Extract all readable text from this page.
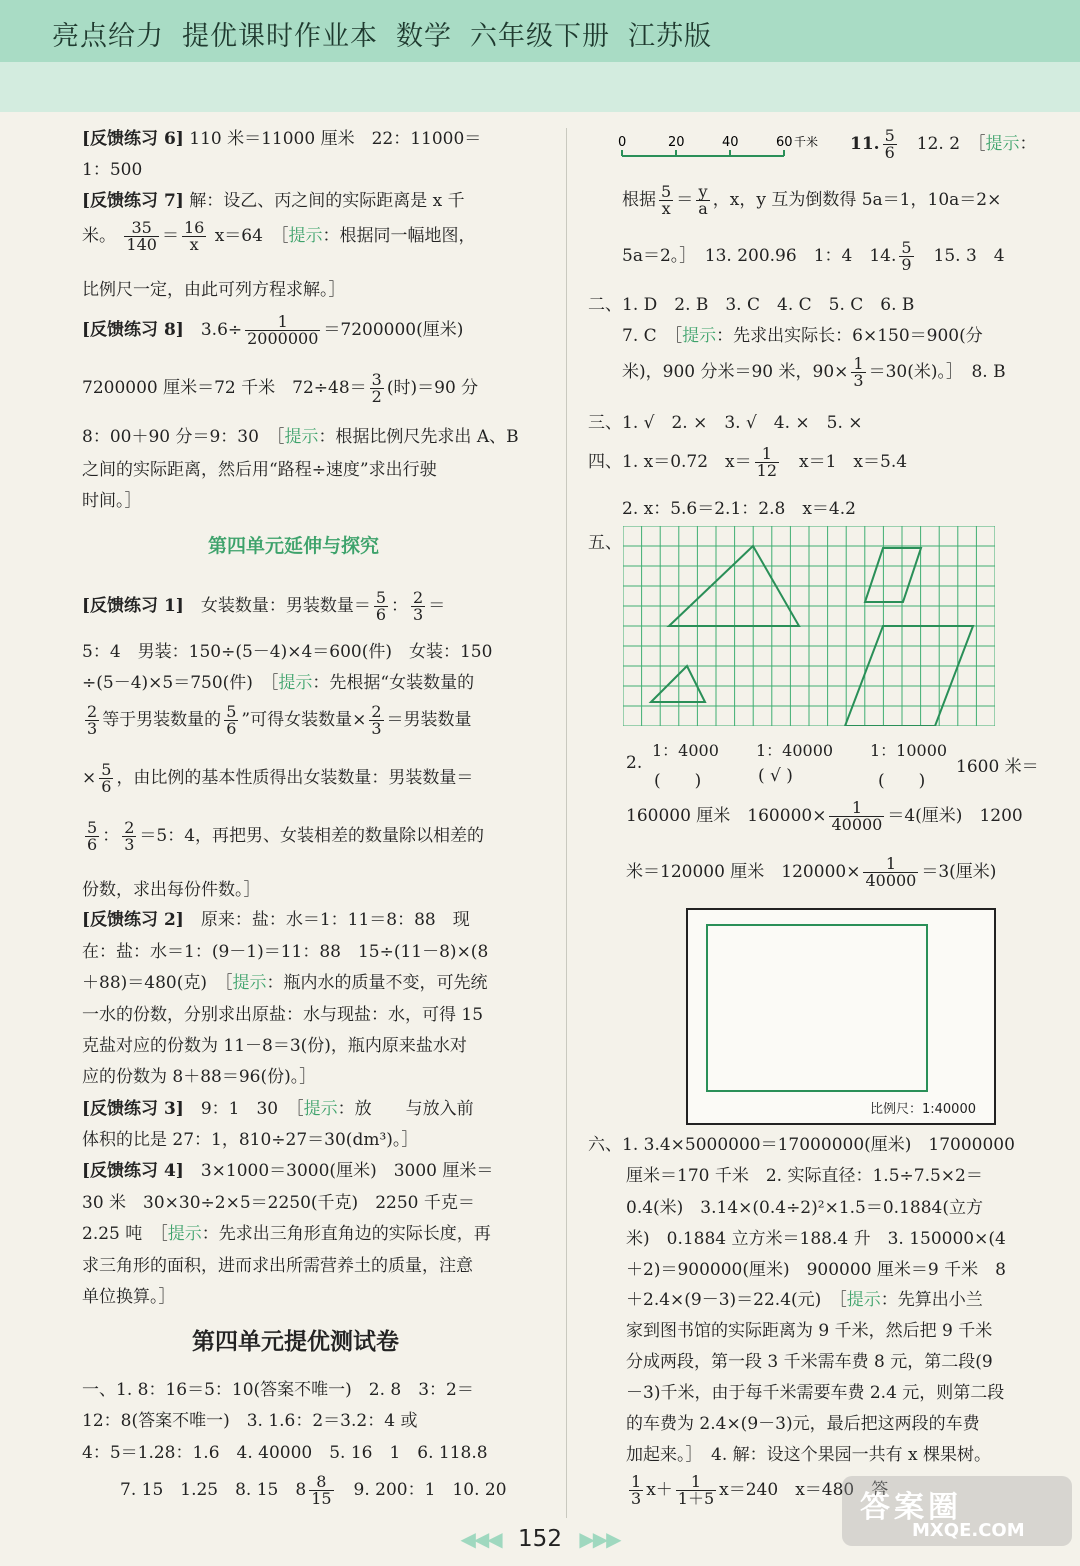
亮点给力 提优课时作业本 数学 六年级下册 江苏版
[反馈练习 6] 110 米＝11000 厘米　22：11000＝
1：500
[反馈练习 7] 解：设乙、丙之间的实际距离是 x 千
米。 $\frac{35}{140} = \frac{16}{x} x=64$　 ［提示：根据同一幅地图，
比例尺一定，由此可列方程求解。］
[反馈练习 8]　 $3.6\div \frac{1}{2000000} =7200000$(厘米)
7200000 厘米＝72 千米　$72\div 48= \frac{3}{2}$ (时)＝90 分
8：00＋90 分＝9：30　［提示：根据比例尺先求出 A、B
之间的实际距离，然后用“路程÷速度”求出行驶
时间。］
第四单元延伸与探究
[反馈练习 1]　 女装数量：男装数量＝ $\frac{5}{6}$ ： $\frac{2}{3}$ ＝
5：4　男装：150÷(5－4)×4＝600(件)　女装：150
÷(5－4)×5＝750(件)　［提示：先根据“女装数量的
$\frac{2}{3}$ 等于男装数量的 $\frac{5}{6}$ ”可得女装数量× $\frac{2}{3}$ ＝男装数量
× $\frac{5}{6}$ ，由比例的基本性质得出女装数量：男装数量＝
$\frac{5}{6}$ ： $\frac{2}{3} =5$：4，再把男、女装相差的数量除以相差的
份数，求出每份件数。］
[反馈练习 2]　 原来：盐：水＝1：11＝8：88　现
在：盐：水＝1：(9－1)＝11：88　15÷(11－8)×(8
＋88)＝480(克)　［提示：瓶内水的质量不变，可先统
一水的份数，分别求出原盐：水与现盐：水，可得 15
克盐对应的份数为 11－8＝3(份)，瓶内原来盐水对
应的份数为 8＋88＝96(份)。］
[反馈练习 3]　 9：1　30　［提示：放　　与放入前
体积的比是 27：1，810÷27＝30(dm³)。］
[反馈练习 4]　 3×1000＝3000(厘米)　3000 厘米＝
30 米　30×30÷2×5＝2250(千克)　2250 千克＝
2.25 吨　［提示：先求出三角形直角边的实际长度，再
求三角形的面积，进而求出所需营养土的质量，注意
单位换算。］
第四单元提优测试卷
一、1. 8：16＝5：10(答案不唯一)　2. 8　3：2＝
12：8(答案不唯一)　3. 1.6：2＝3.2：4 或
4：5＝1.28：1.6　4. 40000　5. 16　1　6. 118.8
7. 15　1.25　8. 15　$8 \frac{8}{15}$
　 9. 200：1　10. 20
0	20	40	60 千米 11. $\frac{5}{6}$
　 12. 2　［提示：
根据 $\frac{5}{x} = \frac{y}{a}$ ，x，y 互为倒数得 5a＝1，10a＝2×
5a＝2。］　13. 200.96　1：4　14. $\frac{5}{9}$
　 15. 3　4
二、1. D　2. B　3. C　4. C　5. C　6. B
7. C　［提示：先求出实际长：6×150＝900(分
米)，900 分米＝90 米，$90\times \frac{1}{3} =30$(米)。］　8. B
三、1. √　2. ×　3. √　4. ×　5. ×
四、1. x＝0.72　$x= \frac{1}{12}$
　 x＝1　x＝5.4
2. x：5.6＝2.1：2.8　x＝4.2
五、
2.
1：4000 1：40000 1：10000
(　　)	( √ )	(　　)
1600 米＝
160000 厘米　$160000\times \frac{1}{40000} =4$(厘米)　1200
米＝120000 厘米　$120000\times \frac{1}{40000} =3$(厘米)
比例尺：1:40000
六、1. 3.4×5000000＝17000000(厘米)　17000000
厘米＝170 千米　2. 实际直径：1.5÷7.5×2＝
0.4(米)　3.14×(0.4÷2)²×1.5＝0.1884(立方
米)　0.1884 立方米＝188.4 升　3. 150000×(4
＋2)＝900000(厘米)　900000 厘米＝9 千米　8
＋2.4×(9－3)＝22.4(元)　［提示：先算出小兰
家到图书馆的实际距离为 9 千米，然后把 9 千米
分成两段，第一段 3 千米需车费 8 元，第二段(9
－3)千米，由于每千米需要车费 2.4 元，则第二段
的车费为 2.4×(9－3)元，最后把这两段的车费
加起来。］　4. 解：设这个果园一共有 x 棵果树。
$\frac{1}{3} x+ \frac{1}{1+5} x=240$　x＝480　答
◀◀◀ 152 ▶▶▶
答案圈
MXQE.COM
